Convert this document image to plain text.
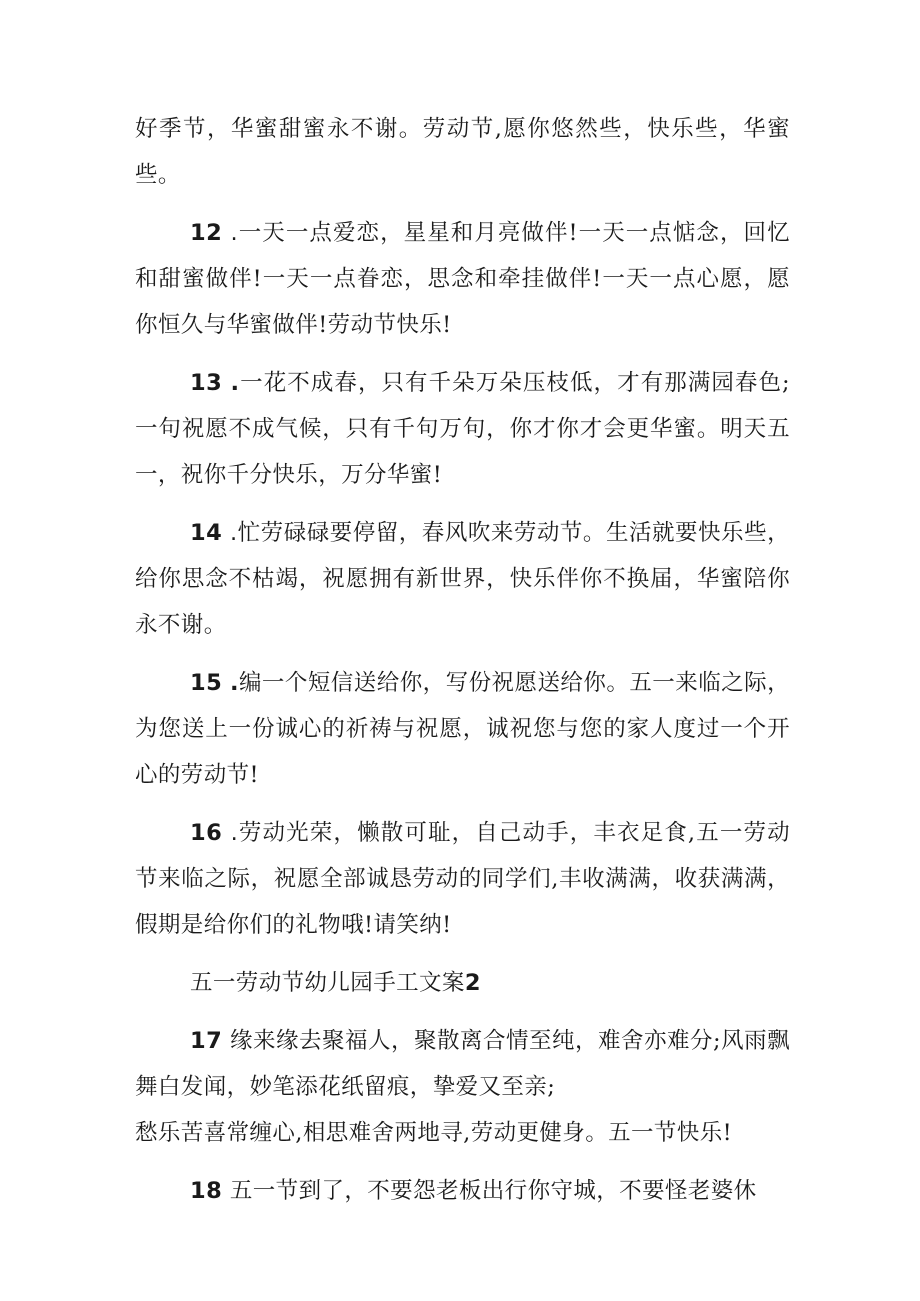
好季节，华蜜甜蜜永不谢。劳动节,愿你悠然些，快乐些，华蜜些。

12 .一天一点爱恋，星星和月亮做伴!一天一点惦念，回忆和甜蜜做伴!一天一点眷恋，思念和牵挂做伴!一天一点心愿，愿你恒久与华蜜做伴!劳动节快乐!

13 .一花不成春，只有千朵万朵压枝低，才有那满园春色;一句祝愿不成气候，只有千句万句，你才你才会更华蜜。明天五一，祝你千分快乐，万分华蜜!

14 .忙劳碌碌要停留，春风吹来劳动节。生活就要快乐些，给你思念不枯竭，祝愿拥有新世界，快乐伴你不换届，华蜜陪你永不谢。

15 .编一个短信送给你，写份祝愿送给你。五一来临之际，为您送上一份诚心的祈祷与祝愿，诚祝您与您的家人度过一个开心的劳动节!

16 .劳动光荣，懒散可耻，自己动手，丰衣足食,五一劳动节来临之际，祝愿全部诚恳劳动的同学们,丰收满满，收获满满，假期是给你们的礼物哦!请笑纳!

五一劳动节幼儿园手工文案2

17 缘来缘去聚福人，聚散离合情至纯，难舍亦难分;风雨飘舞白发闻，妙笔添花纸留痕，挚爱又至亲;

愁乐苦喜常缠心,相思难舍两地寻,劳动更健身。五一节快乐!

18 五一节到了，不要怨老板出行你守城，不要怪老婆休
